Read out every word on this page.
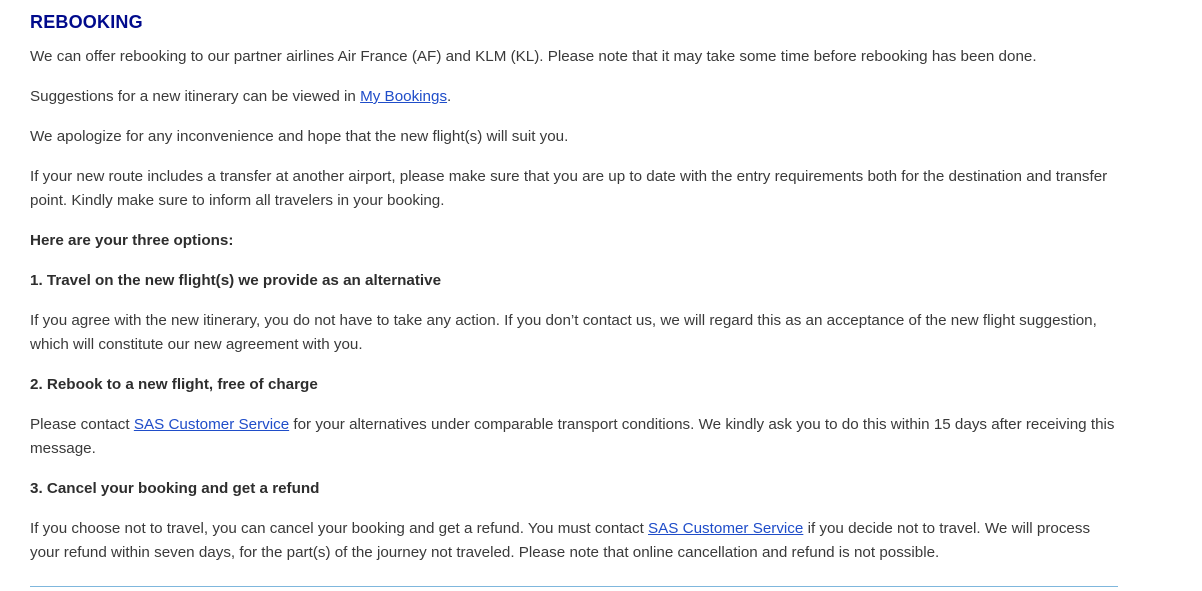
REBOOKING

We can offer rebooking to our partner airlines Air France (AF) and KLM (KL). Please note that it may take some time before rebooking has been done.

Suggestions for a new itinerary can be viewed in My Bookings.

We apologize for any inconvenience and hope that the new flight(s) will suit you.

If your new route includes a transfer at another airport, please make sure that you are up to date with the entry requirements both for the destination and transfer point. Kindly make sure to inform all travelers in your booking.

Here are your three options:

1. Travel on the new flight(s) we provide as an alternative

If you agree with the new itinerary, you do not have to take any action. If you don’t contact us, we will regard this as an acceptance of the new flight suggestion, which will constitute our new agreement with you.

2. Rebook to a new flight, free of charge

Please contact SAS Customer Service for your alternatives under comparable transport conditions. We kindly ask you to do this within 15 days after receiving this message.

3. Cancel your booking and get a refund

If you choose not to travel, you can cancel your booking and get a refund. You must contact SAS Customer Service if you decide not to travel. We will process your refund within seven days, for the part(s) of the journey not traveled. Please note that online cancellation and refund is not possible.
